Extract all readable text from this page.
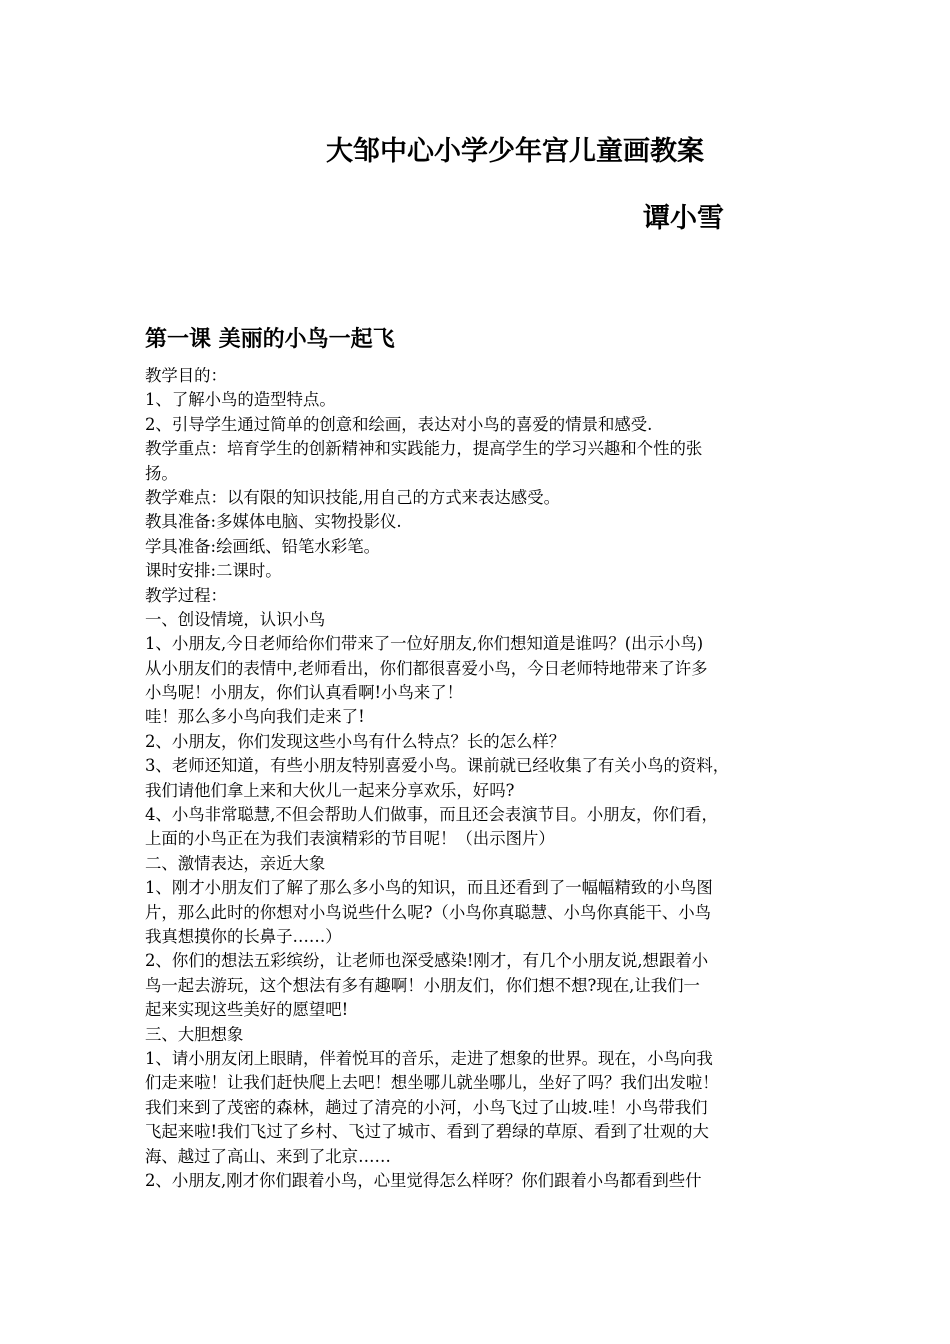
大邹中心小学少年宫儿童画教案
谭小雪
第一课 美丽的小鸟一起飞
教学目的：
1、了解小鸟的造型特点。
2、引导学生通过简单的创意和绘画，表达对小鸟的喜爱的情景和感受.
教学重点：培育学生的创新精神和实践能力，提高学生的学习兴趣和个性的张
扬。
教学难点：以有限的知识技能,用自己的方式来表达感受。
教具准备:多媒体电脑、实物投影仪.
学具准备:绘画纸、铅笔水彩笔。
课时安排:二课时。
教学过程：
一、创设情境，认识小鸟
1、小朋友,今日老师给你们带来了一位好朋友,你们想知道是谁吗？(出示小鸟)
从小朋友们的表情中,老师看出，你们都很喜爱小鸟，今日老师特地带来了许多
小鸟呢！小朋友，你们认真看啊!小鸟来了！
哇！那么多小鸟向我们走来了!
2、小朋友，你们发现这些小鸟有什么特点？长的怎么样？
3、老师还知道，有些小朋友特别喜爱小鸟。课前就已经收集了有关小鸟的资料，
我们请他们拿上来和大伙儿一起来分享欢乐，好吗?
4、小鸟非常聪慧,不但会帮助人们做事，而且还会表演节目。小朋友，你们看，
上面的小鸟正在为我们表演精彩的节目呢！（出示图片）
二、激情表达，亲近大象
1、刚才小朋友们了解了那么多小鸟的知识，而且还看到了一幅幅精致的小鸟图
片，那么此时的你想对小鸟说些什么呢?（小鸟你真聪慧、小鸟你真能干、小鸟
我真想摸你的长鼻子……）
2、你们的想法五彩缤纷，让老师也深受感染!刚才，有几个小朋友说,想跟着小
鸟一起去游玩，这个想法有多有趣啊！小朋友们，你们想不想?现在,让我们一
起来实现这些美好的愿望吧!
三、大胆想象
1、请小朋友闭上眼睛，伴着悦耳的音乐，走进了想象的世界。现在，小鸟向我
们走来啦！让我们赶快爬上去吧！想坐哪儿就坐哪儿，坐好了吗？我们出发啦！
我们来到了茂密的森林，趟过了清亮的小河，小鸟飞过了山坡.哇！小鸟带我们
飞起来啦!我们飞过了乡村、飞过了城市、看到了碧绿的草原、看到了壮观的大
海、越过了高山、来到了北京……
2、小朋友,刚才你们跟着小鸟，心里觉得怎么样呀？你们跟着小鸟都看到些什
